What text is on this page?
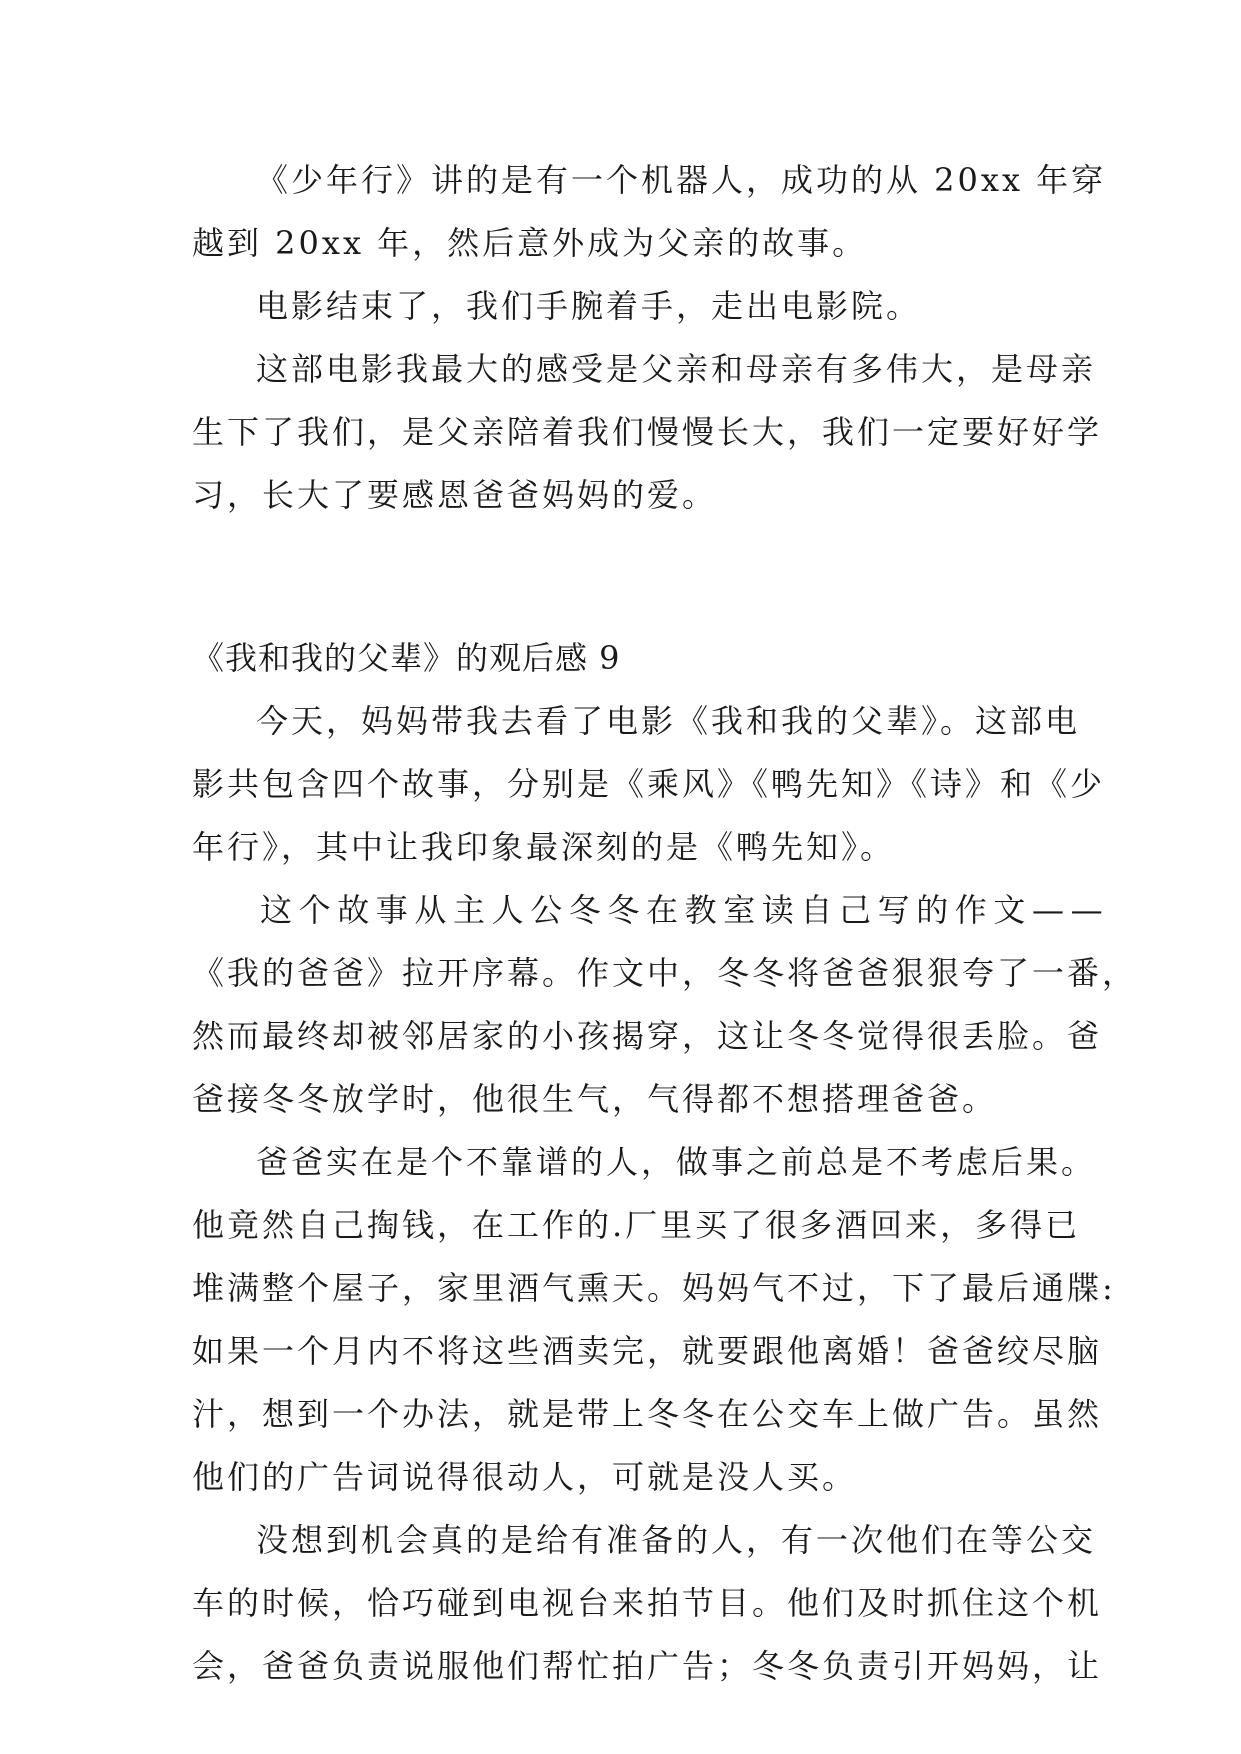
《少年行》讲的是有一个机器人，成功的从 20xx 年穿

越到 20xx 年，然后意外成为父亲的故事。

电影结束了，我们手腕着手，走出电影院。

这部电影我最大的感受是父亲和母亲有多伟大，是母亲

生下了我们，是父亲陪着我们慢慢长大，我们一定要好好学

习，长大了要感恩爸爸妈妈的爱。

《我和我的父辈》的观后感 9

今天，妈妈带我去看了电影《我和我的父辈》。这部电

影共包含四个故事，分别是《乘风》《鸭先知》《诗》和《少

年行》，其中让我印象最深刻的是《鸭先知》。

这个故事从主人公冬冬在教室读自己写的作文——

《我的爸爸》拉开序幕。作文中，冬冬将爸爸狠狠夸了一番，

然而最终却被邻居家的小孩揭穿，这让冬冬觉得很丢脸。爸

爸接冬冬放学时，他很生气，气得都不想搭理爸爸。

爸爸实在是个不靠谱的人，做事之前总是不考虑后果。

他竟然自己掏钱，在工作的.厂里买了很多酒回来，多得已

堆满整个屋子，家里酒气熏天。妈妈气不过，下了最后通牒:

如果一个月内不将这些酒卖完，就要跟他离婚！爸爸绞尽脑

汁，想到一个办法，就是带上冬冬在公交车上做广告。虽然

他们的广告词说得很动人，可就是没人买。

没想到机会真的是给有准备的人，有一次他们在等公交

车的时候，恰巧碰到电视台来拍节目。他们及时抓住这个机

会，爸爸负责说服他们帮忙拍广告；冬冬负责引开妈妈，让
